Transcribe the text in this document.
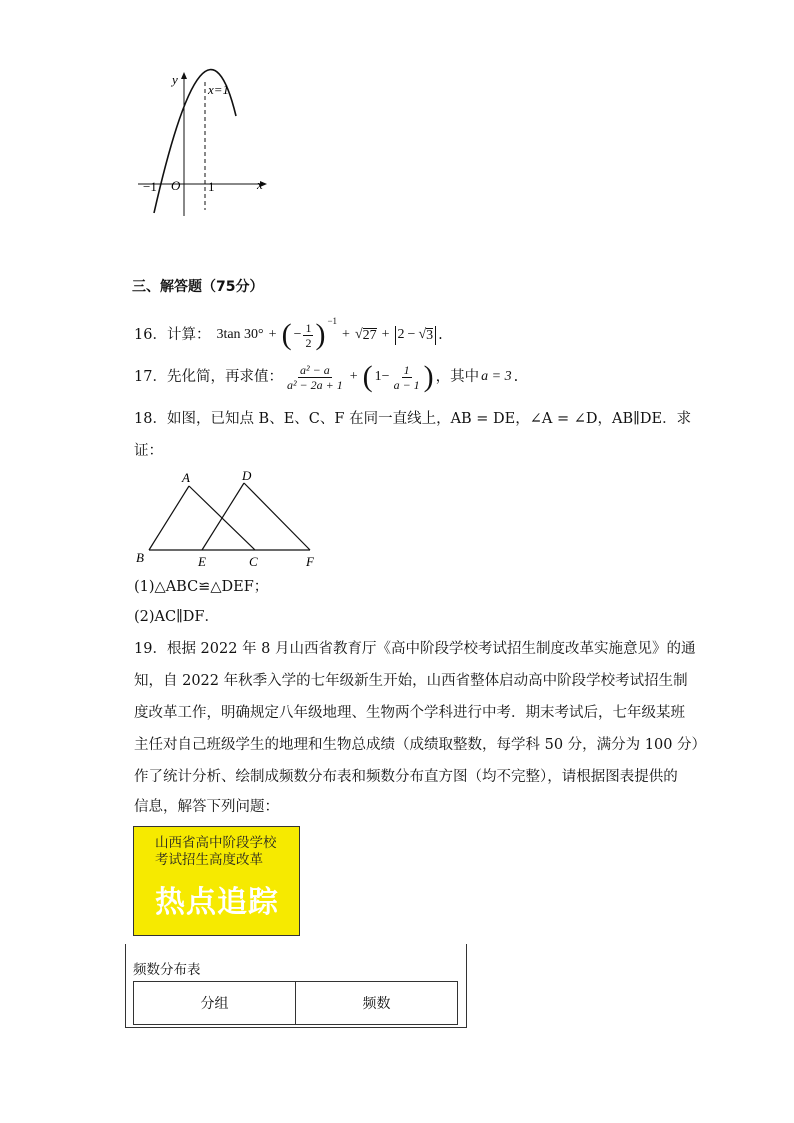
y
x
x=1
O
−1	1
三、解答题（75分）
16．计算： 3tan 30° + ( − $\frac{1}{2}$ ) −1
+ √ 27 + 2 − √ 3 .
17．先化简，再求值： $\frac{\text{a² − a}}{\text{a² − 2a + 1}}$ + ( $1- \frac{1}{a - 1}$ ) ，其中 a = 3 .
18．如图，已知点 B、E、C、F 在同一直线上，AB = DE，∠A = ∠D，AB∥DE．求
证：
A	D
B	E	C	F
(1)△ABC≌△DEF；
(2)AC∥DF．
19．根据 2022 年 8 月山西省教育厅《高中阶段学校考试招生制度改革实施意见》的通
知，自 2022 年秋季入学的七年级新生开始，山西省整体启动高中阶段学校考试招生制
度改革工作，明确规定八年级地理、生物两个学科进行中考．期末考试后，七年级某班
主任对自己班级学生的地理和生物总成绩（成绩取整数，每学科 50 分，满分为 100 分）
作了统计分析、绘制成频数分布表和频数分布直方图（均不完整），请根据图表提供的
信息，解答下列问题：
山西省高中阶段学校
考试招生高度改革
热点追踪
频数分布表
分组	频数
